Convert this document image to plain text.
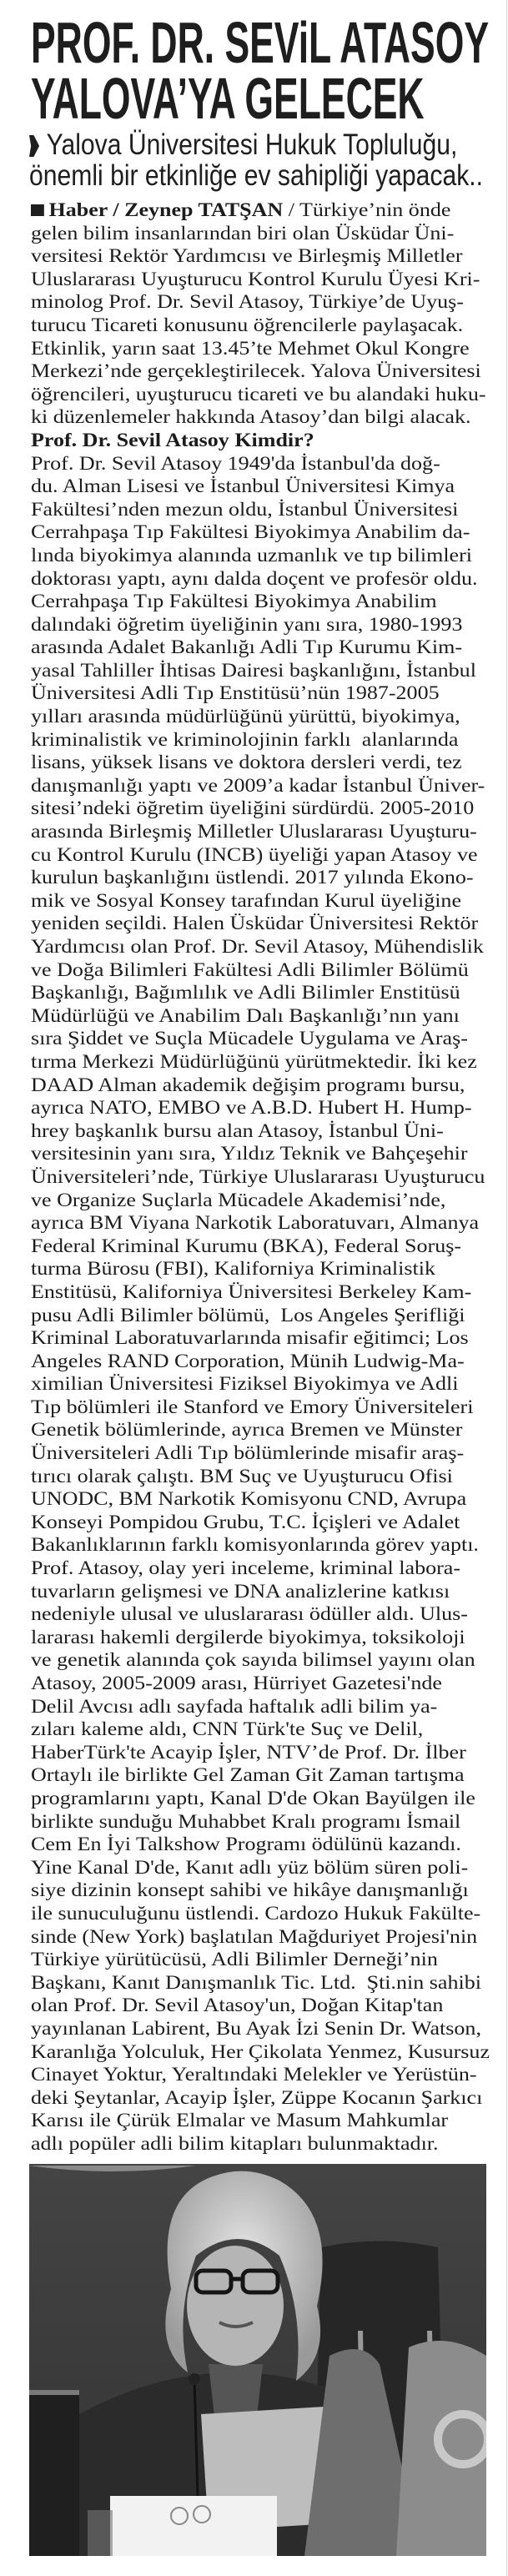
PROF. DR. SEViL ATASOY
YALOVA’YA GELECEK
Yalova Üniversitesi Hukuk Topluluğu,
önemli bir etkinliğe ev sahipliği yapacak..
Haber / Zeynep TATŞAN / Türkiye’nin önde
gelen bilim insanlarından biri olan Üsküdar Üni-
versitesi Rektör Yardımcısı ve Birleşmiş Milletler
Uluslararası Uyuşturucu Kontrol Kurulu Üyesi Kri-
minolog Prof. Dr. Sevil Atasoy, Türkiye’de Uyuş-
turucu Ticareti konusunu öğrencilerle paylaşacak.
Etkinlik, yarın saat 13.45’te Mehmet Okul Kongre
Merkezi’nde gerçekleştirilecek. Yalova Üniversitesi
öğrencileri, uyuşturucu ticareti ve bu alandaki huku-
ki düzenlemeler hakkında Atasoy’dan bilgi alacak.
Prof. Dr. Sevil Atasoy Kimdir?
Prof. Dr. Sevil Atasoy 1949'da İstanbul'da doğ-
du. Alman Lisesi ve İstanbul Üniversitesi Kimya
Fakültesi’nden mezun oldu, İstanbul Üniversitesi
Cerrahpaşa Tıp Fakültesi Biyokimya Anabilim da-
lında biyokimya alanında uzmanlık ve tıp bilimleri
doktorası yaptı, aynı dalda doçent ve profesör oldu.
Cerrahpaşa Tıp Fakültesi Biyokimya Anabilim
dalındaki öğretim üyeliğinin yanı sıra, 1980-1993
arasında Adalet Bakanlığı Adli Tıp Kurumu Kim-
yasal Tahliller İhtisas Dairesi başkanlığını, İstanbul
Üniversitesi Adli Tıp Enstitüsü’nün 1987-2005
yılları arasında müdürlüğünü yürüttü, biyokimya,
kriminalistik ve kriminolojinin farklı  alanlarında
lisans, yüksek lisans ve doktora dersleri verdi, tez
danışmanlığı yaptı ve 2009’a kadar İstanbul Üniver-
sitesi’ndeki öğretim üyeliğini sürdürdü. 2005-2010
arasında Birleşmiş Milletler Uluslararası Uyuşturu-
cu Kontrol Kurulu (INCB) üyeliği yapan Atasoy ve
kurulun başkanlığını üstlendi. 2017 yılında Ekono-
mik ve Sosyal Konsey tarafından Kurul üyeliğine
yeniden seçildi. Halen Üsküdar Üniversitesi Rektör
Yardımcısı olan Prof. Dr. Sevil Atasoy, Mühendislik
ve Doğa Bilimleri Fakültesi Adli Bilimler Bölümü
Başkanlığı, Bağımlılık ve Adli Bilimler Enstitüsü
Müdürlüğü ve Anabilim Dalı Başkanlığı’nın yanı
sıra Şiddet ve Suçla Mücadele Uygulama ve Araş-
tırma Merkezi Müdürlüğünü yürütmektedir. İki kez
DAAD Alman akademik değişim programı bursu,
ayrıca NATO, EMBO ve A.B.D. Hubert H. Hump-
hrey başkanlık bursu alan Atasoy, İstanbul Üni-
versitesinin yanı sıra, Yıldız Teknik ve Bahçeşehir
Üniversiteleri’nde, Türkiye Uluslararası Uyuşturucu
ve Organize Suçlarla Mücadele Akademisi’nde,
ayrıca BM Viyana Narkotik Laboratuvarı, Almanya
Federal Kriminal Kurumu (BKA), Federal Soruş-
turma Bürosu (FBI), Kaliforniya Kriminalistik
Enstitüsü, Kaliforniya Üniversitesi Berkeley Kam-
pusu Adli Bilimler bölümü,  Los Angeles Şerifliği
Kriminal Laboratuvarlarında misafir eğitimci; Los
Angeles RAND Corporation, Münih Ludwig-Ma-
ximilian Üniversitesi Fiziksel Biyokimya ve Adli
Tıp bölümleri ile Stanford ve Emory Üniversiteleri
Genetik bölümlerinde, ayrıca Bremen ve Münster
Üniversiteleri Adli Tıp bölümlerinde misafir araş-
tırıcı olarak çalıştı. BM Suç ve Uyuşturucu Ofisi
UNODC, BM Narkotik Komisyonu CND, Avrupa
Konseyi Pompidou Grubu, T.C. İçişleri ve Adalet
Bakanlıklarının farklı komisyonlarında görev yaptı.
Prof. Atasoy, olay yeri inceleme, kriminal labora-
tuvarların gelişmesi ve DNA analizlerine katkısı
nedeniyle ulusal ve uluslararası ödüller aldı. Ulus-
lararası hakemli dergilerde biyokimya, toksikoloji
ve genetik alanında çok sayıda bilimsel yayını olan
Atasoy, 2005-2009 arası, Hürriyet Gazetesi'nde
Delil Avcısı adlı sayfada haftalık adli bilim ya-
zıları kaleme aldı, CNN Türk'te Suç ve Delil,
HaberTürk'te Acayip İşler, NTV’de Prof. Dr. İlber
Ortaylı ile birlikte Gel Zaman Git Zaman tartışma
programlarını yaptı, Kanal D'de Okan Bayülgen ile
birlikte sunduğu Muhabbet Kralı programı İsmail
Cem En İyi Talkshow Programı ödülünü kazandı.
Yine Kanal D'de, Kanıt adlı yüz bölüm süren poli-
siye dizinin konsept sahibi ve hikâye danışmanlığı
ile sunuculuğunu üstlendi. Cardozo Hukuk Fakülte-
sinde (New York) başlatılan Mağduriyet Projesi'nin
Türkiye yürütücüsü, Adli Bilimler Derneği’nin
Başkanı, Kanıt Danışmanlık Tic. Ltd.  Şti.nin sahibi
olan Prof. Dr. Sevil Atasoy'un, Doğan Kitap'tan
yayınlanan Labirent, Bu Ayak İzi Senin Dr. Watson,
Karanlığa Yolculuk, Her Çikolata Yenmez, Kusursuz
Cinayet Yoktur, Yeraltındaki Melekler ve Yerüstün-
deki Şeytanlar, Acayip İşler, Züppe Kocanın Şarkıcı
Karısı ile Çürük Elmalar ve Masum Mahkumlar
adlı popüler adli bilim kitapları bulunmaktadır.
